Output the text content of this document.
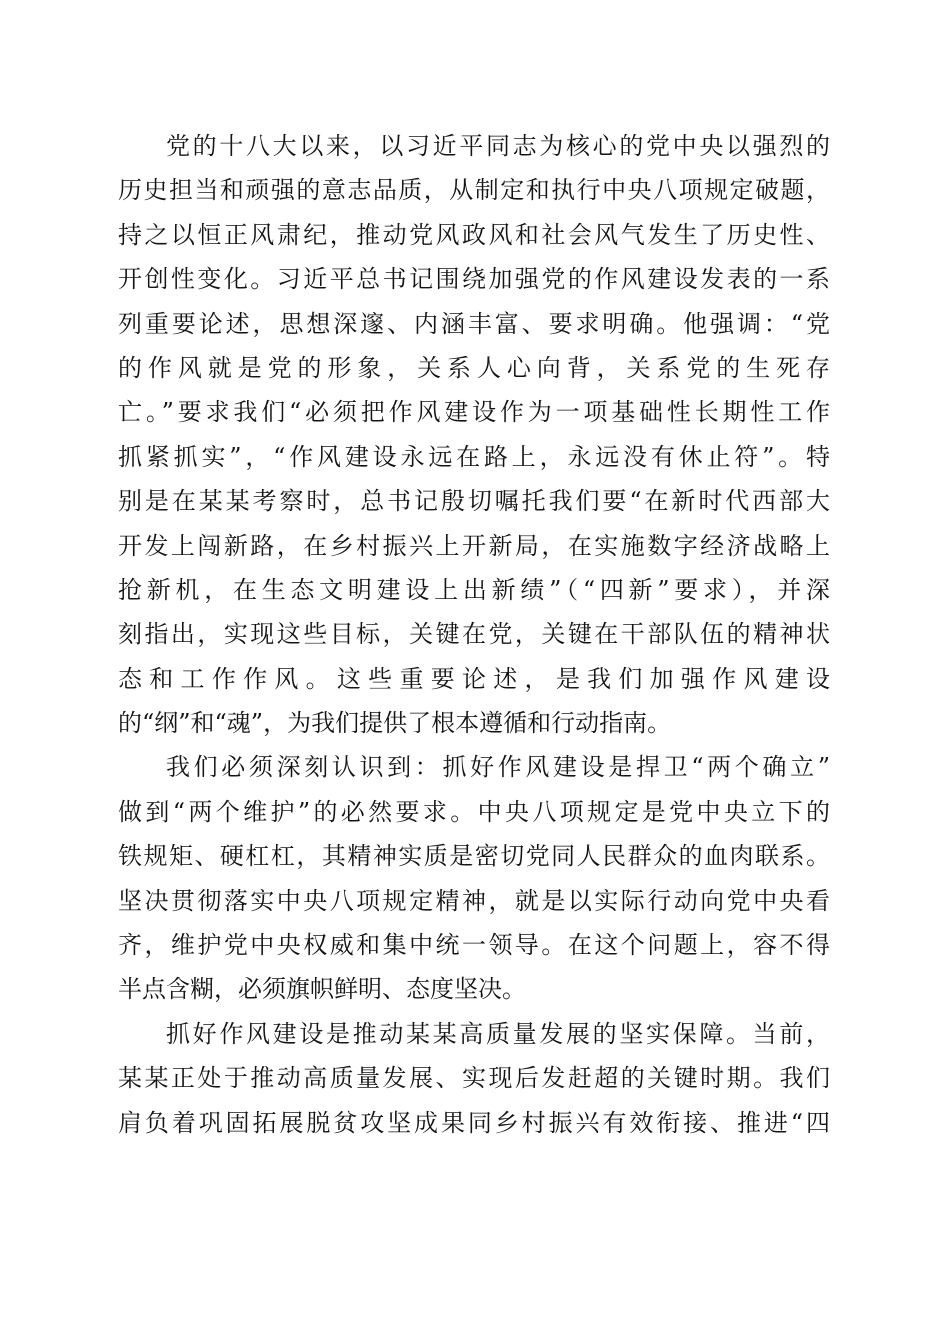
党的十八大以来，以习近平同志为核心的党中央以强烈的
历史担当和顽强的意志品质，从制定和执行中央八项规定破题，
持之以恒正风肃纪，推动党风政风和社会风气发生了历史性、
开创性变化。习近平总书记围绕加强党的作风建设发表的一系
列重要论述，思想深邃、内涵丰富、要求明确。他强调：“党
的作风就是党的形象，关系人心向背，关系党的生死存
亡。”要求我们“必须把作风建设作为一项基础性长期性工作
抓紧抓实”，“作风建设永远在路上，永远没有休止符”。特
别是在某某考察时，总书记殷切嘱托我们要“在新时代西部大
开发上闯新路，在乡村振兴上开新局，在实施数字经济战略上
抢新机，在生态文明建设上出新绩”（“四新”要求），并深
刻指出，实现这些目标，关键在党，关键在干部队伍的精神状
态和工作作风。这些重要论述，是我们加强作风建设
的“纲”和“魂”，为我们提供了根本遵循和行动指南。
我们必须深刻认识到：抓好作风建设是捍卫“两个确立”
做到“两个维护”的必然要求。中央八项规定是党中央立下的
铁规矩、硬杠杠，其精神实质是密切党同人民群众的血肉联系。
坚决贯彻落实中央八项规定精神，就是以实际行动向党中央看
齐，维护党中央权威和集中统一领导。在这个问题上，容不得
半点含糊，必须旗帜鲜明、态度坚决。
抓好作风建设是推动某某高质量发展的坚实保障。当前，
某某正处于推动高质量发展、实现后发赶超的关键时期。我们
肩负着巩固拓展脱贫攻坚成果同乡村振兴有效衔接、推进“四
